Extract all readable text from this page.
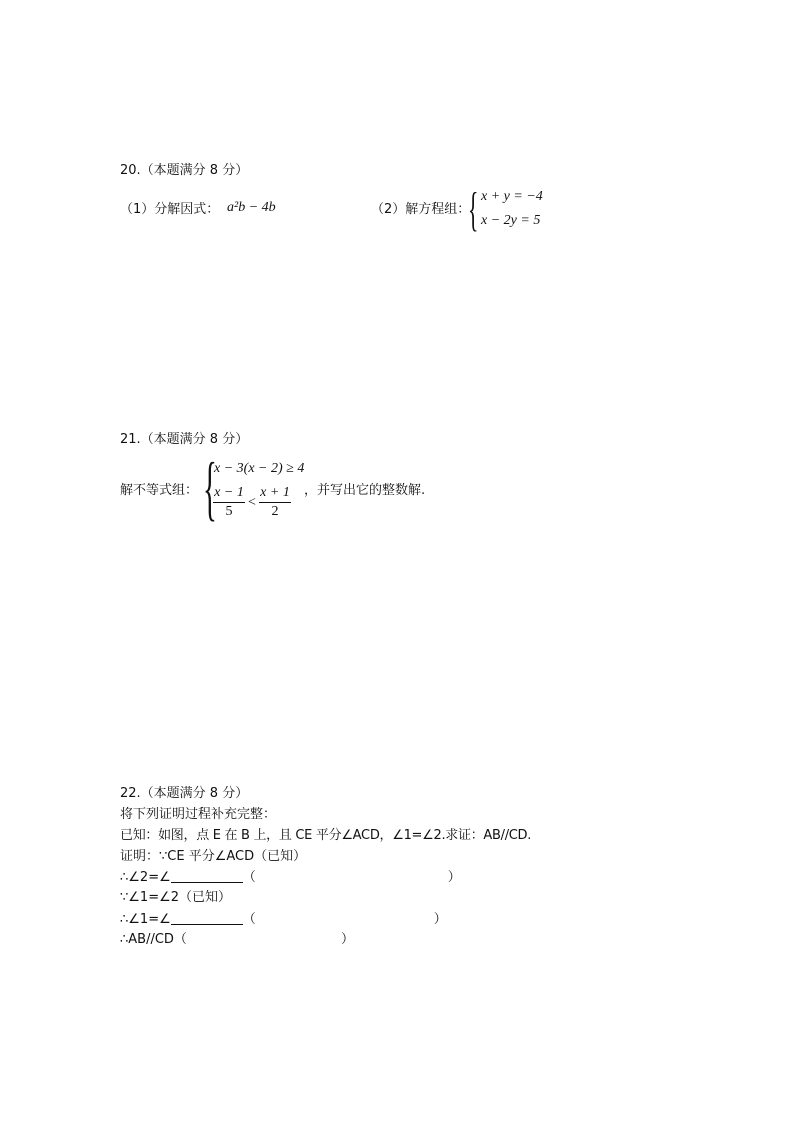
20.（本题满分 8 分）
（1）分解因式： a²b − 4b	（2）解方程组：
{ x + y = −4
x − 2y = 5
21.（本题满分 8 分）
解不等式组： {
x − 3(x − 2) ≥ 4
x − 1
5
<
x + 1
2
，并写出它的整数解.
22.（本题满分 8 分）
将下列证明过程补充完整：
已知：如图，点 E 在 B 上，且 CE 平分∠ACD，∠1=∠2.求证：AB//CD.
证明：∵CE 平分∠ACD（已知）
∴∠2=∠	（	）
∵∠1=∠2（已知）
∴∠1=∠	（	）
∴AB//CD（	）
